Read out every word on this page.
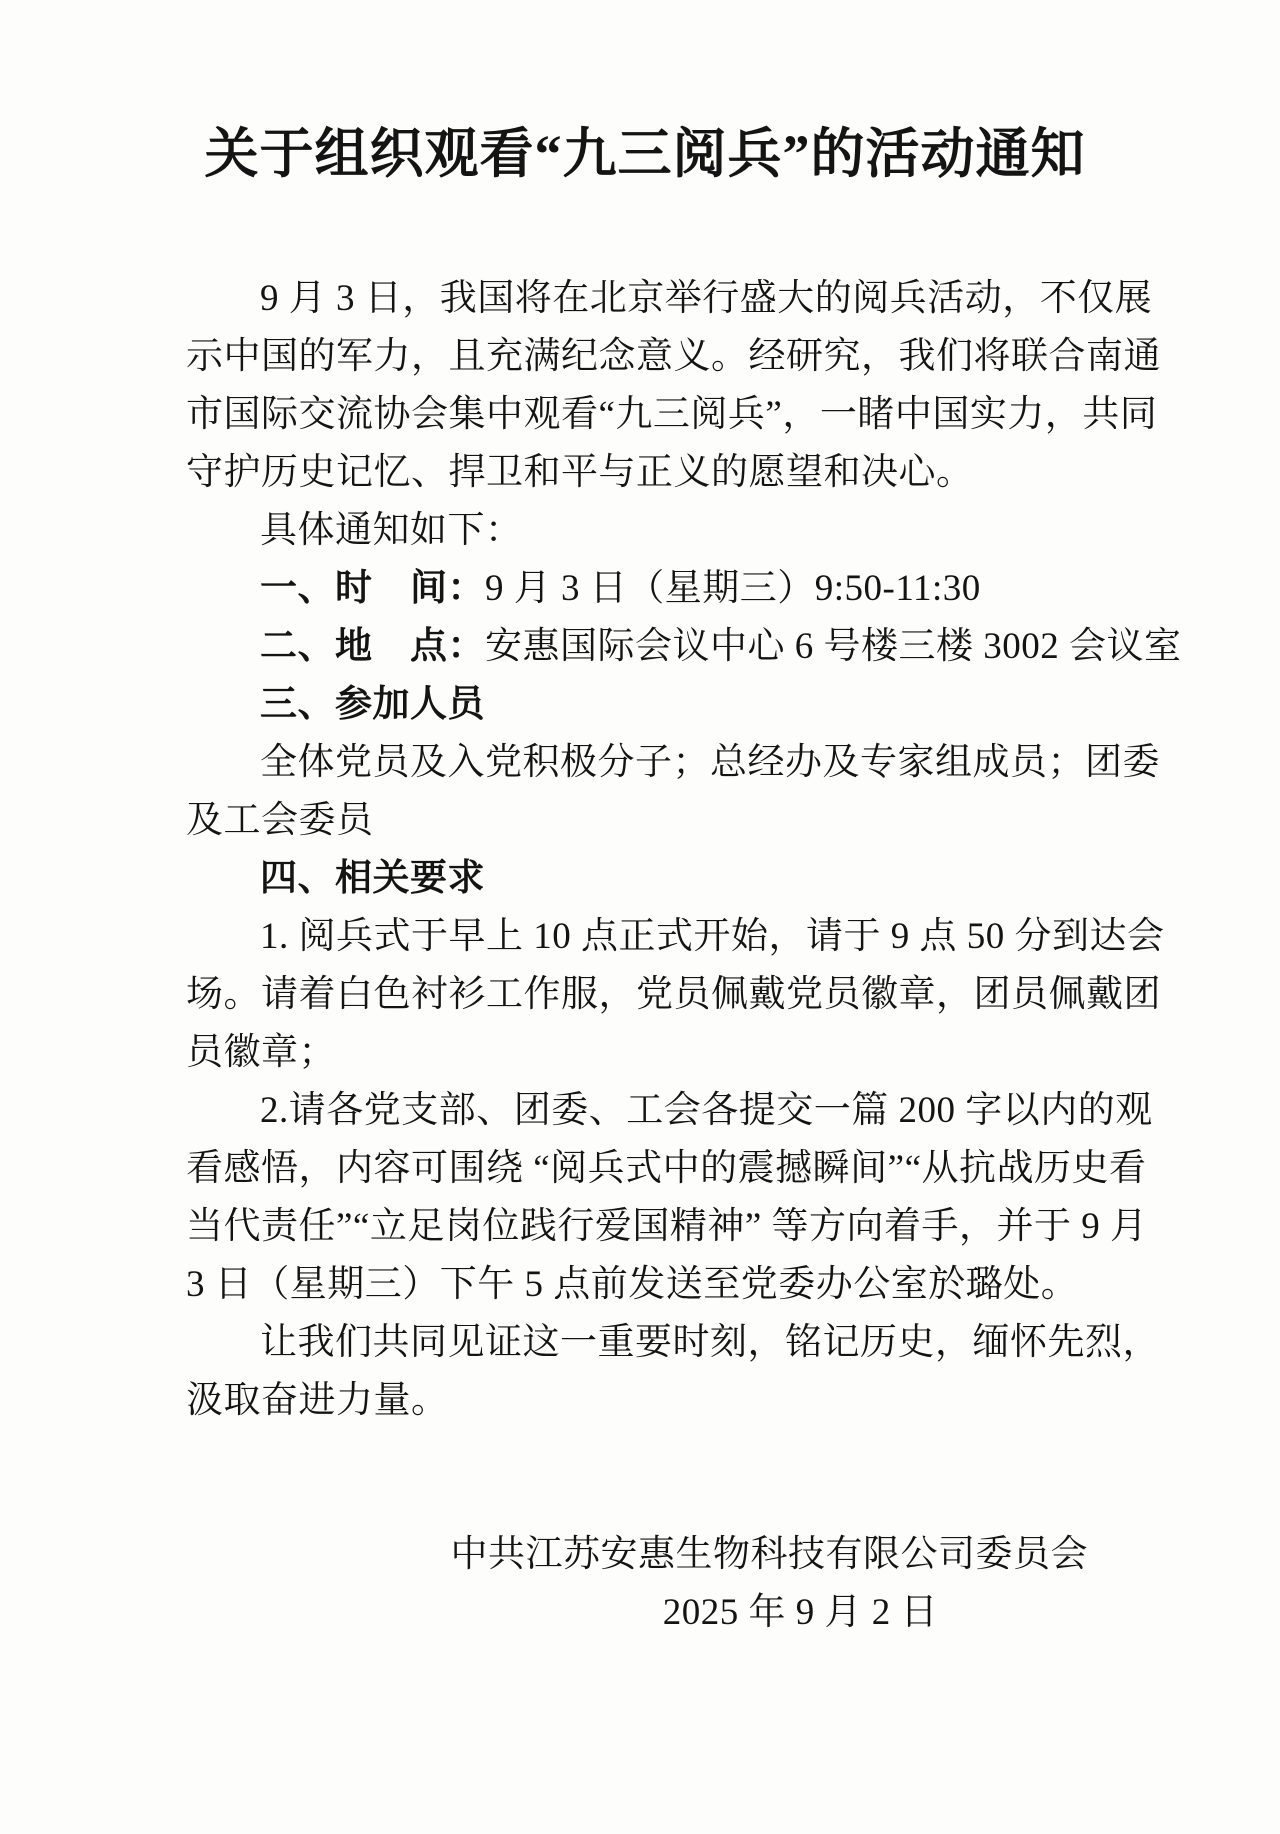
关于组织观看“九三阅兵”的活动通知
9 月 3 日，我国将在北京举行盛大的阅兵活动，不仅展
示中国的军力，且充满纪念意义。经研究，我们将联合南通
市国际交流协会集中观看“九三阅兵”，一睹中国实力，共同
守护历史记忆、捍卫和平与正义的愿望和决心。
具体通知如下：
一、时　间：9 月 3 日（星期三）9:50-11:30
二、地　点：安惠国际会议中心 6 号楼三楼 3002 会议室
三、参加人员
全体党员及入党积极分子；总经办及专家组成员；团委
及工会委员
四、相关要求
1. 阅兵式于早上 10 点正式开始，请于 9 点 50 分到达会
场。请着白色衬衫工作服，党员佩戴党员徽章，团员佩戴团
员徽章；
2.请各党支部、团委、工会各提交一篇 200 字以内的观
看感悟，内容可围绕 “阅兵式中的震撼瞬间”“从抗战历史看
当代责任”“立足岗位践行爱国精神” 等方向着手，并于 9 月
3 日（星期三）下午 5 点前发送至党委办公室於璐处。
让我们共同见证这一重要时刻，铭记历史，缅怀先烈，
汲取奋进力量。
中共江苏安惠生物科技有限公司委员会
2025 年 9 月 2 日
